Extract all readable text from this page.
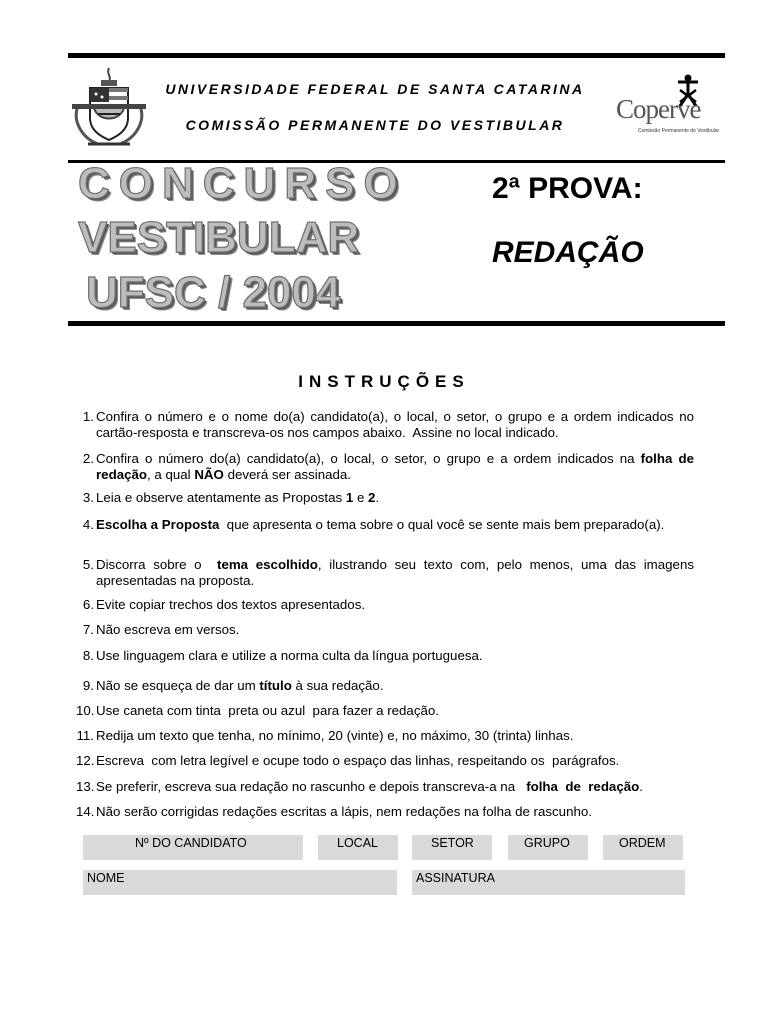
UNIVERSIDADE FEDERAL DE SANTA CATARINA
COMISSÃO PERMANENTE DO VESTIBULAR
Coperve
Comissão Permanente do Vestibular
CONCURSO
VESTIBULAR
UFSC / 2004
2ª PROVA:
REDAÇÃO
INSTRUÇÕES
1. Confira o número e o nome do(a) candidato(a), o local, o setor, o grupo e a ordem indicados no cartão-resposta e transcreva-os nos campos abaixo.  Assine no local indicado.
2. Confira o número do(a) candidato(a), o local, o setor, o grupo e a ordem indicados na folha de redação, a qual NÃO deverá ser assinada.
3. Leia e observe atentamente as Propostas 1 e 2.
4. Escolha a Proposta  que apresenta o tema sobre o qual você se sente mais bem preparado(a).
5. Discorra sobre o  tema escolhido, ilustrando seu texto com, pelo menos, uma das imagens apresentadas na proposta.
6. Evite copiar trechos dos textos apresentados.
7. Não escreva em versos.
8. Use linguagem clara e utilize a norma culta da língua portuguesa.
9. Não se esqueça de dar um título à sua redação.
10. Use caneta com tinta  preta ou azul  para fazer a redação.
11. Redija um texto que tenha, no mínimo, 20 (vinte) e, no máximo, 30 (trinta) linhas.
12. Escreva  com letra legível e ocupe todo o espaço das linhas, respeitando os  parágrafos.
13. Se preferir, escreva sua redação no rascunho e depois transcreva-a na   folha  de  redação.
14. Não serão corrigidas redações escritas a lápis, nem redações na folha de rascunho.
Nº DO CANDIDATO	LOCAL	SETOR	GRUPO	ORDEM
NOME	ASSINATURA
